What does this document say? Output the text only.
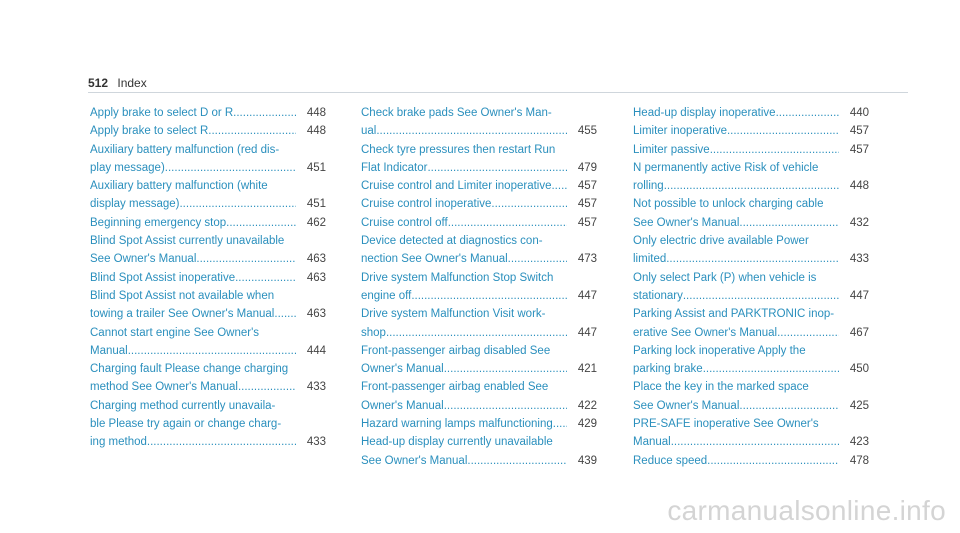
512 Index
Apply brake to select D or R .....	448
Apply brake to select R .....	448
Auxiliary battery malfunction (red dis-
play message) .....	451
Auxiliary battery malfunction (white
display message) .....	451
Beginning emergency stop .....	462
Blind Spot Assist currently unavailable
See Owner's Manual .....	463
Blind Spot Assist inoperative .....	463
Blind Spot Assist not available when
towing a trailer See Owner's Manual .....	463
Cannot start engine See Owner's
Manual .....	444
Charging fault Please change charging
method See Owner's Manual .....	433
Charging method currently unavaila-
ble Please try again or change charg-
ing method .....	433
Check brake pads See Owner's Man-
ual .....	455
Check tyre pressures then restart Run
Flat Indicator .....	479
Cruise control and Limiter inoperative .....	457
Cruise control inoperative .....	457
Cruise control off .....	457
Device detected at diagnostics con-
nection See Owner's Manual .....	473
Drive system Malfunction Stop Switch
engine off .....	447
Drive system Malfunction Visit work-
shop .....	447
Front-passenger airbag disabled See
Owner's Manual .....	421
Front-passenger airbag enabled See
Owner's Manual .....	422
Hazard warning lamps malfunctioning .....	429
Head-up display currently unavailable
See Owner's Manual .....	439
Head-up display inoperative .....	440
Limiter inoperative .....	457
Limiter passive .....	457
N permanently active Risk of vehicle
rolling .....	448
Not possible to unlock charging cable
See Owner's Manual .....	432
Only electric drive available Power
limited .....	433
Only select Park (P) when vehicle is
stationary .....	447
Parking Assist and PARKTRONIC inop-
erative See Owner's Manual .....	467
Parking lock inoperative Apply the
parking brake .....	450
Place the key in the marked space
See Owner's Manual .....	425
PRE-SAFE inoperative See Owner's
Manual .....	423
Reduce speed .....	478
carmanualsonline.info
